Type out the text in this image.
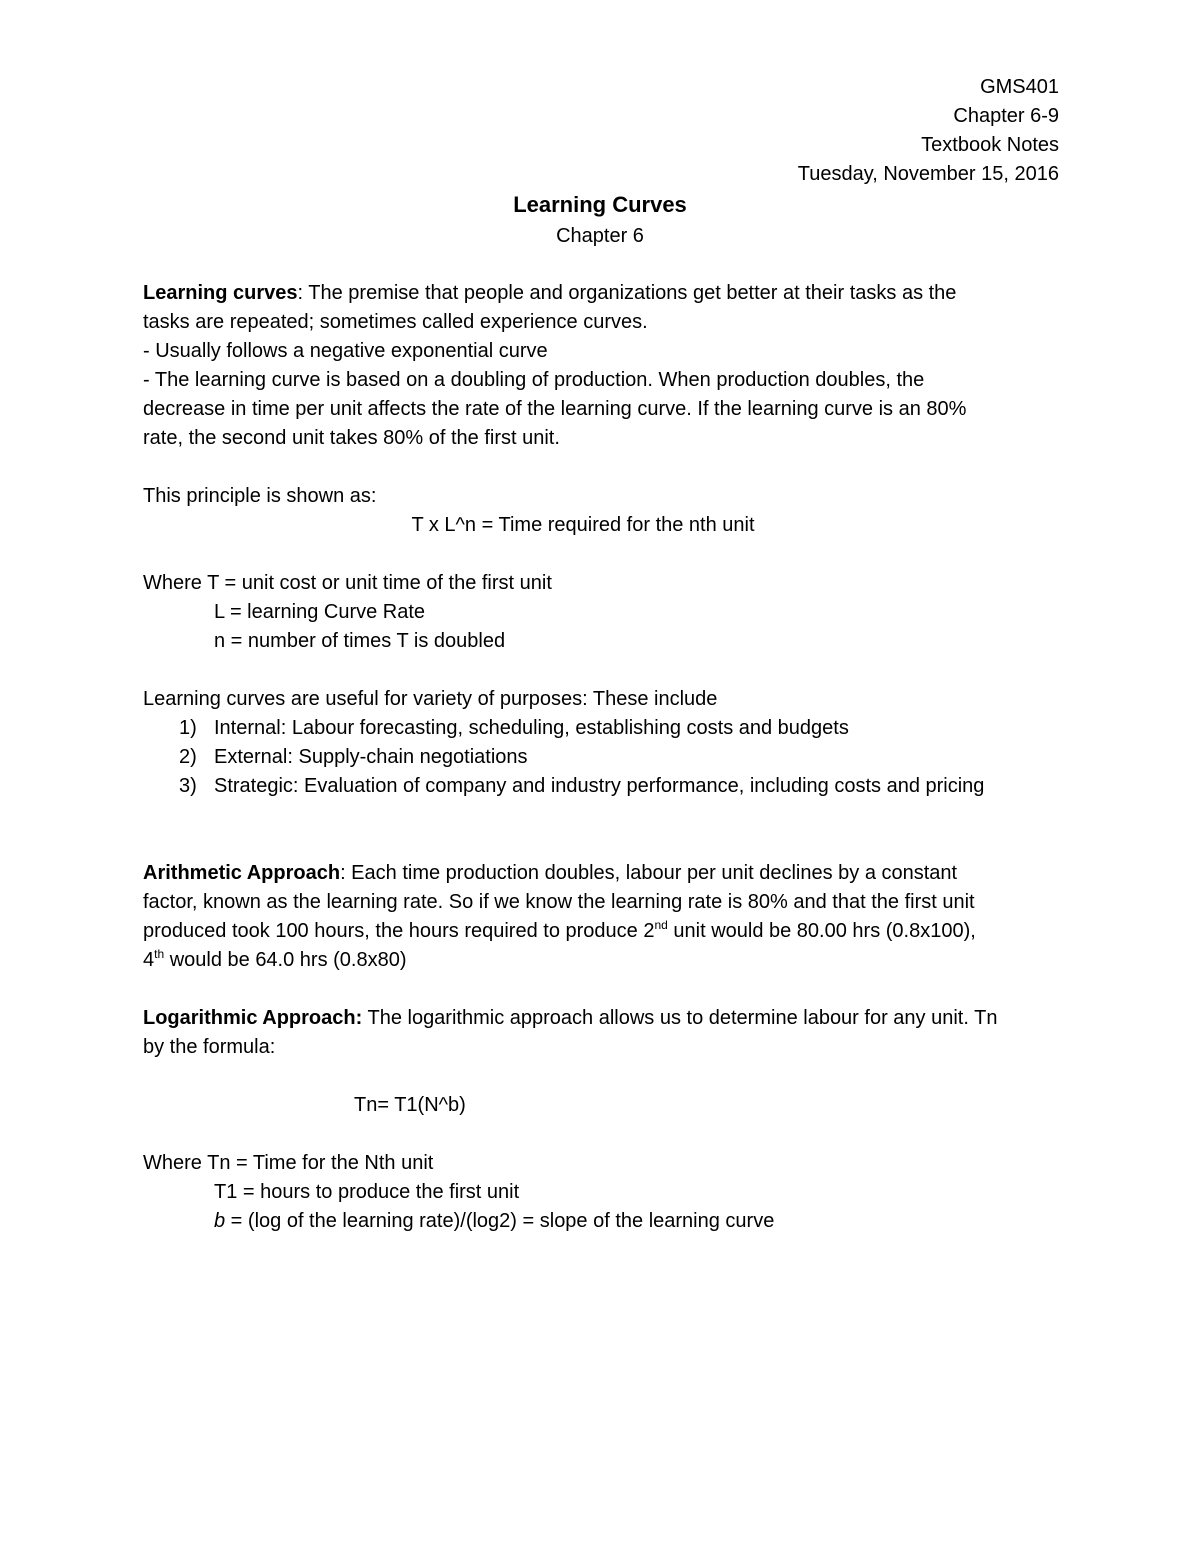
GMS401
Chapter 6-9
Textbook Notes
Tuesday, November 15, 2016
Learning Curves
Chapter 6
Learning curves: The premise that people and organizations get better at their tasks as the
tasks are repeated; sometimes called experience curves.
- Usually follows a negative exponential curve
- The learning curve is based on a doubling of production. When production doubles, the
decrease in time per unit affects the rate of the learning curve. If the learning curve is an 80%
rate, the second unit takes 80% of the first unit.
This principle is shown as:
T x L^n = Time required for the nth unit
Where T = unit cost or unit time of the first unit
L = learning Curve Rate
n = number of times T is doubled
Learning curves are useful for variety of purposes: These include
1) Internal: Labour forecasting, scheduling, establishing costs and budgets
2) External: Supply-chain negotiations
3) Strategic: Evaluation of company and industry performance, including costs and pricing
Arithmetic Approach: Each time production doubles, labour per unit declines by a constant
factor, known as the learning rate. So if we know the learning rate is 80% and that the first unit
produced took 100 hours, the hours required to produce 2nd unit would be 80.00 hrs (0.8x100),
4th would be 64.0 hrs (0.8x80)
Logarithmic Approach: The logarithmic approach allows us to determine labour for any unit. Tn
by the formula:
Tn= T1(N^b)
Where Tn = Time for the Nth unit
T1 = hours to produce the first unit
b = (log of the learning rate)/(log2) = slope of the learning curve
